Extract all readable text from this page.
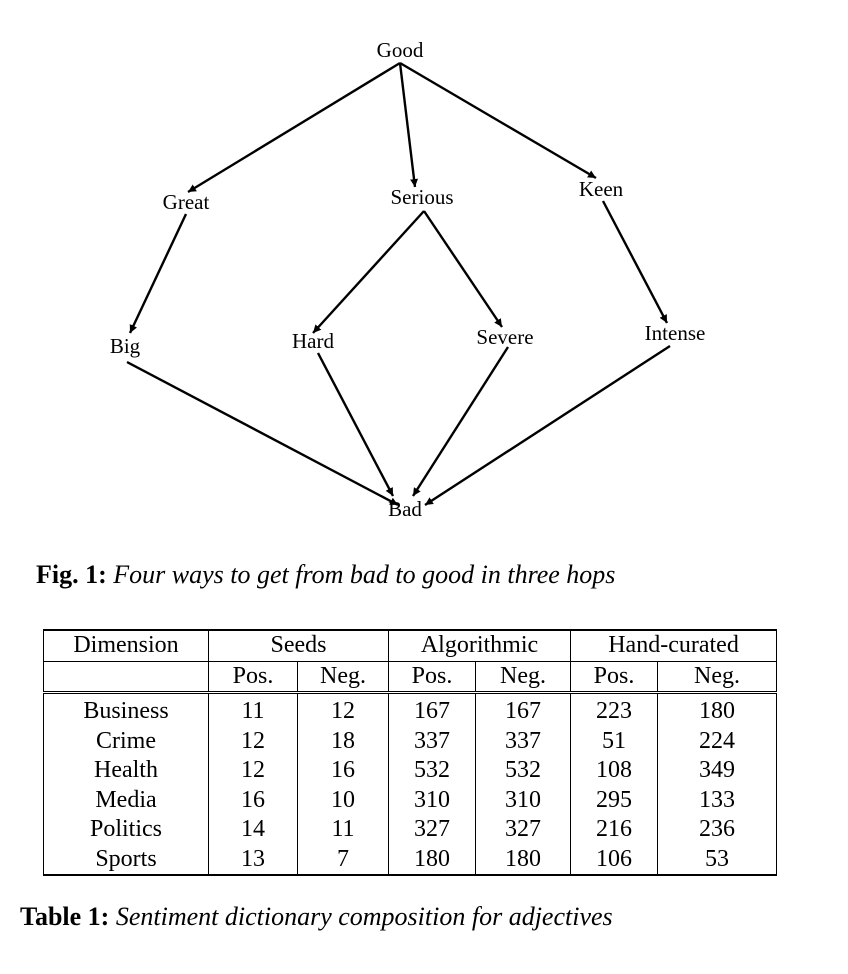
Good
Great	Serious	Keen
Big	Hard	Severe	Intense
Bad
Fig. 1: Four ways to get from bad to good in three hops
Dimension	Seeds		Algorithmic		Hand-curated	
	Pos.	Neg.	Pos.	Neg.	Pos.	Neg.
Business	11	12	167	167	223	180
Crime	12	18	337	337	51	224
Health	12	16	532	532	108	349
Media	16	10	310	310	295	133
Politics	14	11	327	327	216	236
Sports	13	7	180	180	106	53
Table 1: Sentiment dictionary composition for adjectives
